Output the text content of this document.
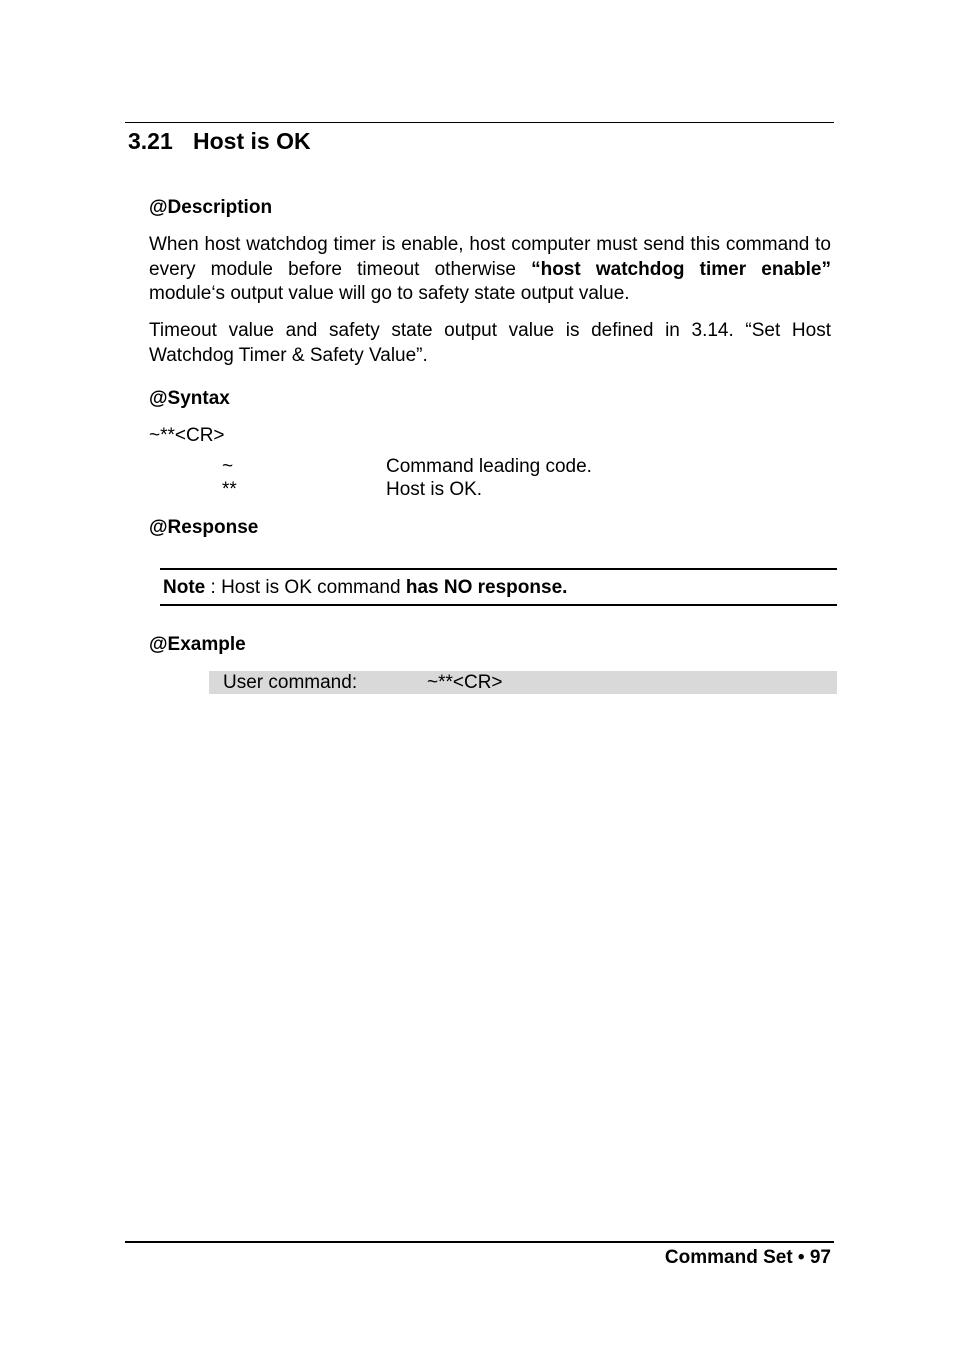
3.21 Host is OK
@Description
When host watchdog timer is enable, host computer must send this command to every module before timeout otherwise “host watchdog timer enable” module‘s output value will go to safety state output value.
Timeout value and safety state output value is defined in 3.14. “Set Host Watchdog Timer & Safety Value”.
@Syntax
~**<CR>
~	Command leading code.
**	Host is OK.
@Response
Note : Host is OK command has NO response.
@Example
User command:	~**<CR>
Command Set • 97
